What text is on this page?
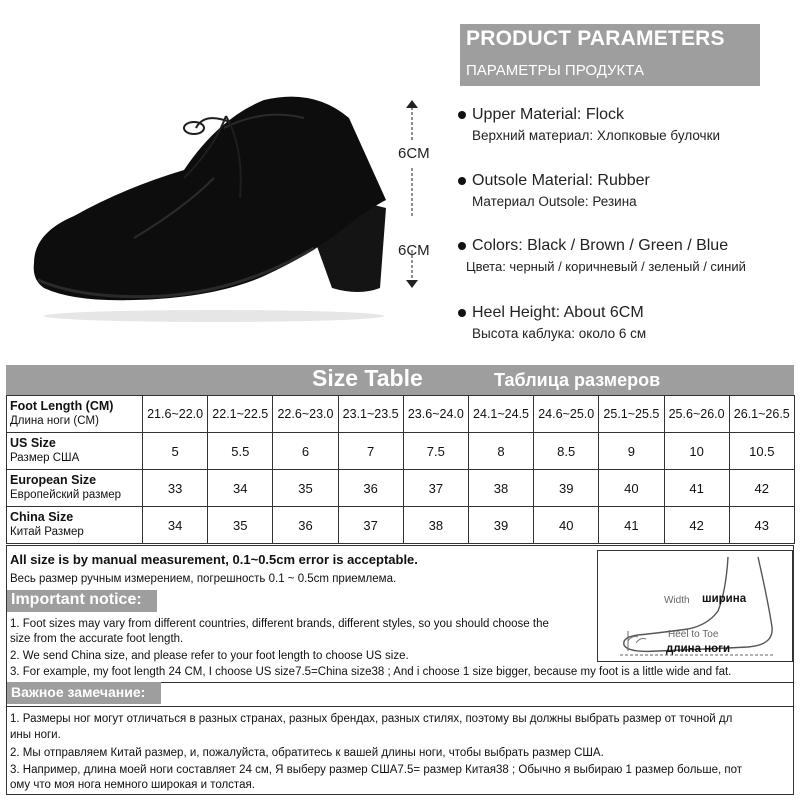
6CM
6CM
PRODUCT PARAMETERS
ПАРАМЕТРЫ ПРОДУКТА
Upper Material: Flock
Верхний материал: Хлопковые булочки
Outsole Material: Rubber
Материал Outsole: Резина
Colors: Black / Brown / Green / Blue
Цвета: черный / коричневый / зеленый / синий
Heel Height: About 6CM
Высота каблука: около 6 см
Size Table	Таблица размеров
Foot Length (CM)
Длина ноги (CM)	21.6~22.0	22.1~22.5	22.6~23.0	23.1~23.5	23.6~24.0	24.1~24.5	24.6~25.0	25.1~25.5	25.6~26.0	26.1~26.5

US Size
Размер США	5	5.5	6	7	7.5	8	8.5	9	10	10.5

European Size
Европейский размер	33	34	35	36	37	38	39	40	41	42

China Size
Китай Размер	34	35	36	37	38	39	40	41	42	43
All size is by manual measurement, 0.1~0.5cm error is acceptable.
Весь размер ручным измерением, погрешность 0.1 ~ 0.5cm приемлема.
Important notice:
1. Foot sizes may vary from different countries, different brands, different styles, so you should choose the
size from the accurate foot length.
2. We send China size, and please refer to your foot length to choose US size.
3. For example, my foot length 24 CM, I choose US size7.5=China size38 ; And i choose 1 size bigger, because my foot is a little wide and fat.
Width ширина
Heel to Toe
длина ноги
Важное замечание:
1. Размеры ног могут отличаться в разных странах, разных брендах, разных стилях, поэтому вы должны выбрать размер от точной дл
ины ноги.
2. Мы отправляем Китай размер, и, пожалуйста, обратитесь к вашей длины ноги, чтобы выбрать размер США.
3. Например, длина моей ноги составляет 24 см, Я выберу размер США7.5= размер Китая38 ; Обычно я выбираю 1 размер больше, пот
ому что моя нога немного широкая и толстая.
